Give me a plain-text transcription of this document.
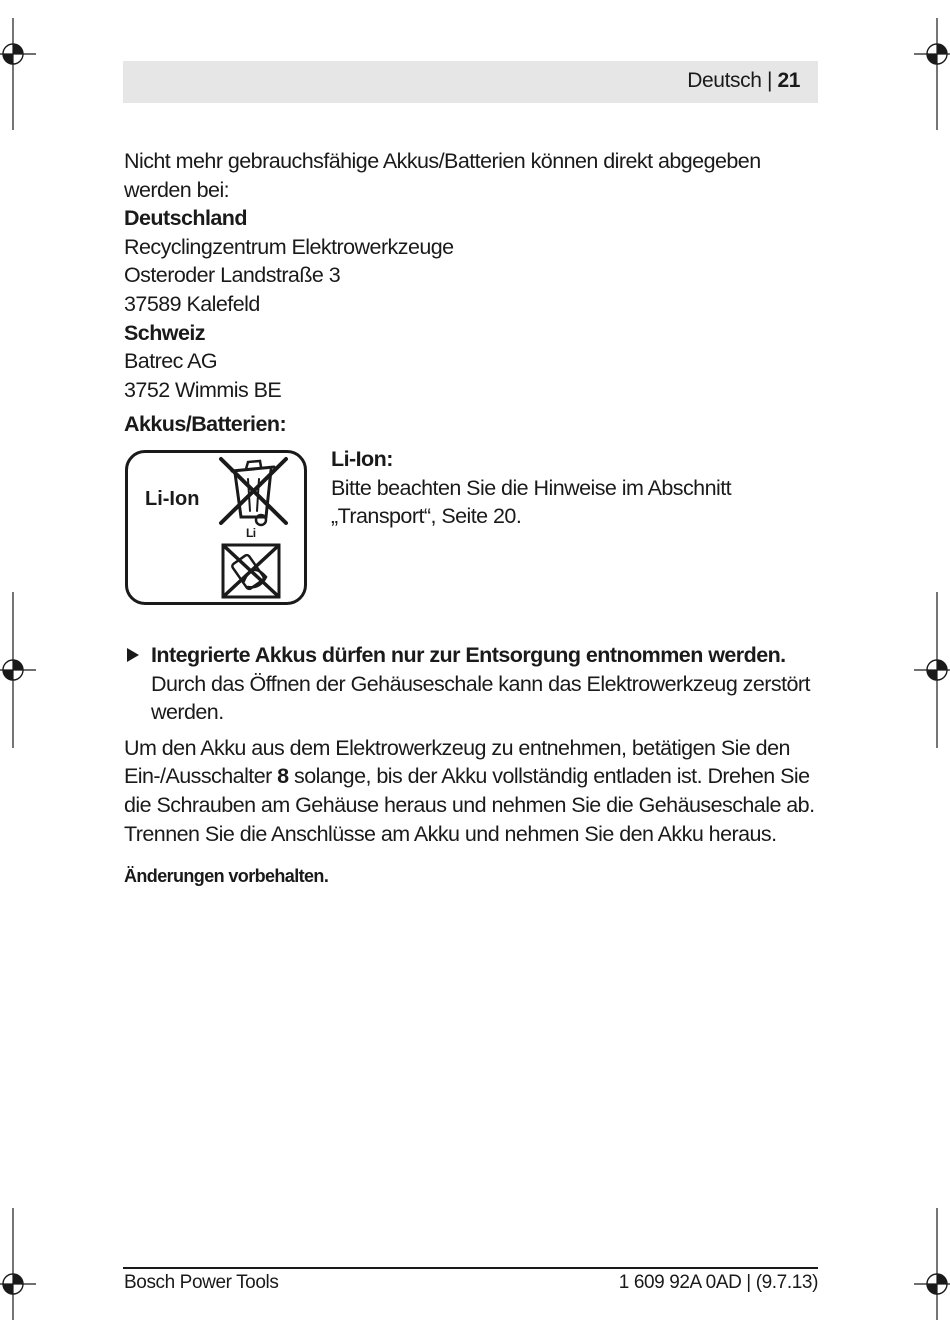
Deutsch | 21

Nicht mehr gebrauchsfähige Akkus/Batterien können direkt abgegeben werden bei:

Deutschland

Recyclingzentrum Elektrowerkzeuge

Osteroder Landstraße 3

37589 Kalefeld

Schweiz

Batrec AG

3752 Wimmis BE

Akkus/Batterien:

Li-Ion
Li

Li-Ion:

Bitte beachten Sie die Hinweise im Abschnitt „Transport“, Seite 20.

Integrierte Akkus dürfen nur zur Entsorgung entnommen werden.

Durch das Öffnen der Gehäuseschale kann das Elektrowerkzeug zerstört werden.

Um den Akku aus dem Elektrowerkzeug zu entnehmen, betätigen Sie den Ein-/Ausschalter 8 solange, bis der Akku vollständig entladen ist. Drehen Sie die Schrauben am Gehäuse heraus und nehmen Sie die Gehäuseschale ab. Trennen Sie die Anschlüsse am Akku und nehmen Sie den Akku heraus.

Änderungen vorbehalten.

Bosch Power Tools	1 609 92A 0AD | (9.7.13)
